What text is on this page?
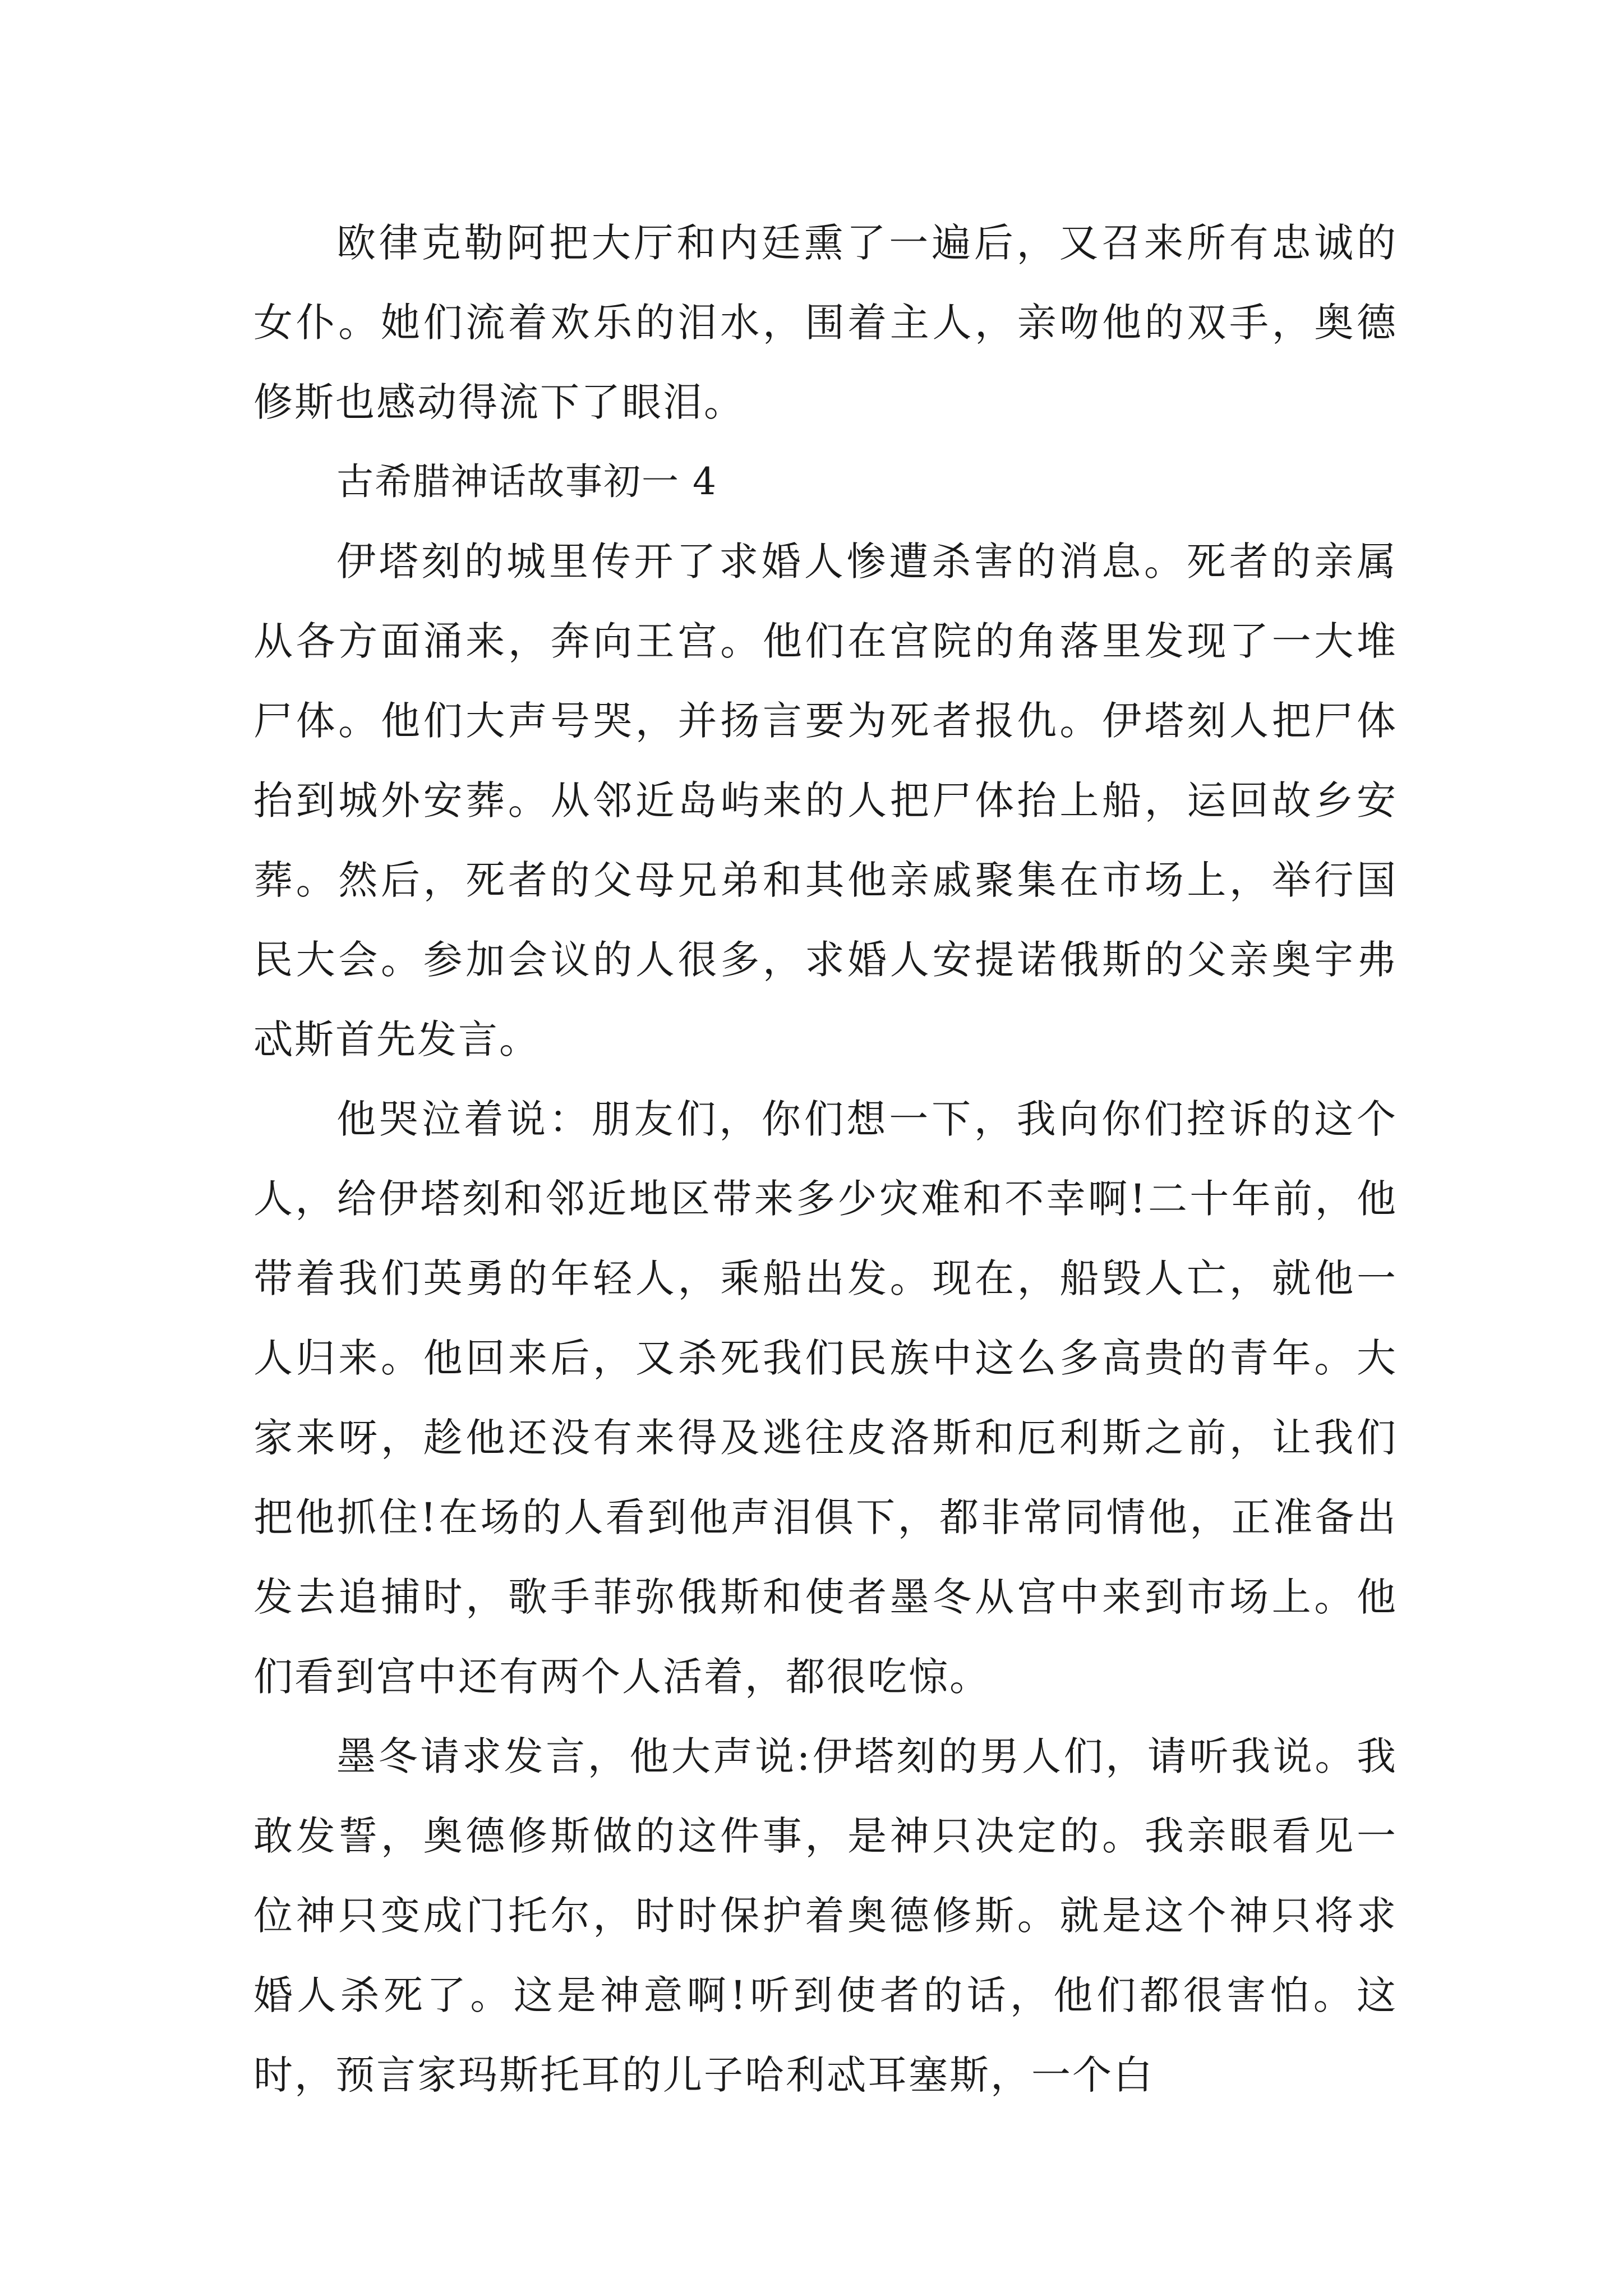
欧律克勒阿把大厅和内廷熏了一遍后，又召来所有忠诚的女仆。她们流着欢乐的泪水，围着主人，亲吻他的双手，奥德修斯也感动得流下了眼泪。

古希腊神话故事初一 4

伊塔刻的城里传开了求婚人惨遭杀害的消息。死者的亲属从各方面涌来，奔向王宫。他们在宫院的角落里发现了一大堆尸体。他们大声号哭，并扬言要为死者报仇。伊塔刻人把尸体抬到城外安葬。从邻近岛屿来的人把尸体抬上船，运回故乡安葬。然后，死者的父母兄弟和其他亲戚聚集在市场上，举行国民大会。参加会议的人很多，求婚人安提诺俄斯的父亲奥宇弗忒斯首先发言。

他哭泣着说：朋友们，你们想一下，我向你们控诉的这个人，给伊塔刻和邻近地区带来多少灾难和不幸啊!二十年前，他带着我们英勇的年轻人，乘船出发。现在，船毁人亡，就他一人归来。他回来后，又杀死我们民族中这么多高贵的青年。大家来呀，趁他还没有来得及逃往皮洛斯和厄利斯之前，让我们把他抓住!在场的人看到他声泪俱下，都非常同情他，正准备出发去追捕时，歌手菲弥俄斯和使者墨冬从宫中来到市场上。他们看到宫中还有两个人活着，都很吃惊。

墨冬请求发言，他大声说:伊塔刻的男人们，请听我说。我敢发誓，奥德修斯做的这件事，是神只决定的。我亲眼看见一位神只变成门托尔，时时保护着奥德修斯。就是这个神只将求婚人杀死了。这是神意啊!听到使者的话，他们都很害怕。这时，预言家玛斯托耳的儿子哈利忒耳塞斯，一个白
